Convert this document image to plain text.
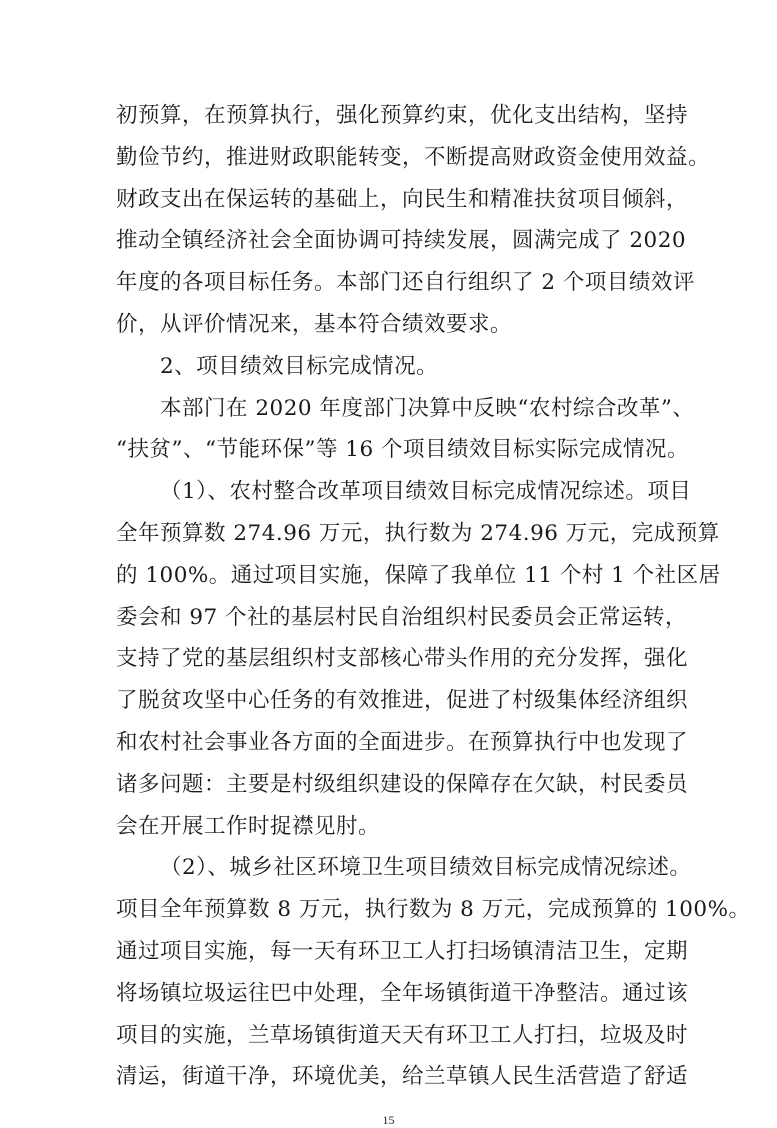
初预算，在预算执行，强化预算约束，优化支出结构，坚持
勤俭节约，推进财政职能转变，不断提高财政资金使用效益。
财政支出在保运转的基础上，向民生和精准扶贫项目倾斜，
推动全镇经济社会全面协调可持续发展，圆满完成了 2020
年度的各项目标任务。本部门还自行组织了 2 个项目绩效评
价，从评价情况来，基本符合绩效要求。
2、项目绩效目标完成情况。
本部门在 2020 年度部门决算中反映“农村综合改革”、
“扶贫”、“节能环保”等 16 个项目绩效目标实际完成情况。
（1）、农村整合改革项目绩效目标完成情况综述。项目
全年预算数 274.96 万元，执行数为 274.96 万元，完成预算
的 100%。通过项目实施，保障了我单位 11 个村 1 个社区居
委会和 97 个社的基层村民自治组织村民委员会正常运转，
支持了党的基层组织村支部核心带头作用的充分发挥，强化
了脱贫攻坚中心任务的有效推进，促进了村级集体经济组织
和农村社会事业各方面的全面进步。在预算执行中也发现了
诸多问题：主要是村级组织建设的保障存在欠缺，村民委员
会在开展工作时捉襟见肘。
（2）、城乡社区环境卫生项目绩效目标完成情况综述。
项目全年预算数 8 万元，执行数为 8 万元，完成预算的 100%。
通过项目实施，每一天有环卫工人打扫场镇清洁卫生，定期
将场镇垃圾运往巴中处理，全年场镇街道干净整洁。通过该
项目的实施，兰草场镇街道天天有环卫工人打扫，垃圾及时
清运，街道干净，环境优美，给兰草镇人民生活营造了舒适
15
